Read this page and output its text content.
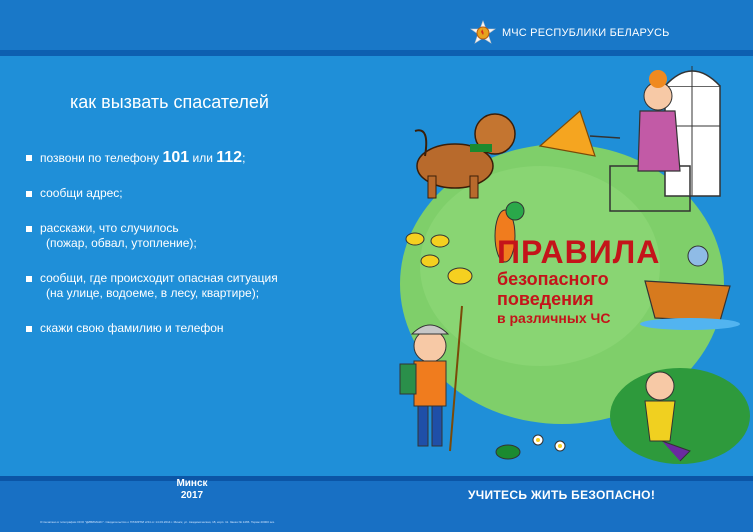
МЧС РЕСПУБЛИКИ БЕЛАРУСЬ
как вызвать спасателей
позвони по телефону 101 или 112;
сообщи адрес;
расскажи, что случилось
(пожар, обвал, утопление);
сообщи, где происходит опасная ситуация
(на улице, водоеме, в лесу, квартире);
скажи свою фамилию и телефон
ПРАВИЛА
безопасного
поведения
в различных ЧС
Минск
2017	УЧИТЕСЬ ЖИТЬ БЕЗОПАСНО!
Отпечатано в типографии ООО "ДИВИМАКС". Свидетельство о ГРИИРПИ 2/44 от 14.03.2014 г. Минск, ул. Академическая, 18, корп. 11. Заказ № 1465. Тираж 20000 экз.
